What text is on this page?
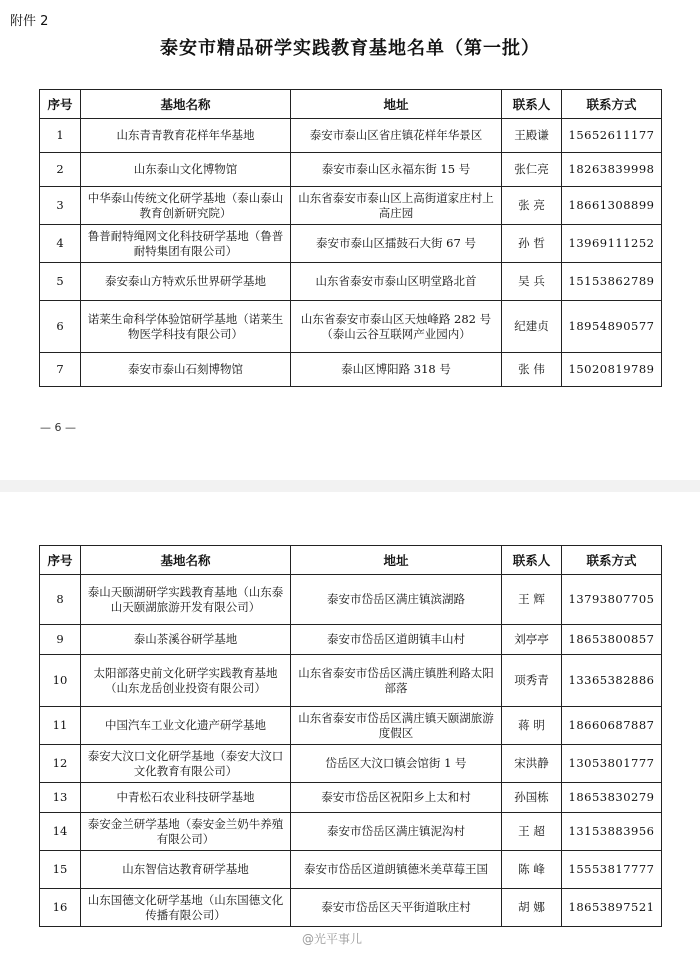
附件 2
泰安市精品研学实践教育基地名单（第一批）
序号	基地名称	地址	联系人	联系方式
1	山东青青教育花样年华基地	泰安市泰山区省庄镇花样年华景区	王殿谦	15652611177
2	山东泰山文化博物馆	泰安市泰山区永福东街 15 号	张仁亮	18263839998
3	中华泰山传统文化研学基地（泰山泰山教育创新研究院）	山东省泰安市泰山区上高街道家庄村上高庄园	张 亮	18661308899
4	鲁普耐特绳网文化科技研学基地（鲁普耐特集团有限公司）	泰安市泰山区擂鼓石大街 67 号	孙 哲	13969111252
5	泰安泰山方特欢乐世界研学基地	山东省泰安市泰山区明堂路北首	吴 兵	15153862789
6	诺莱生命科学体验馆研学基地（诺莱生物医学科技有限公司）	山东省泰安市泰山区天烛峰路 282 号（泰山云谷互联网产业园内）	纪建贞	18954890577
7	泰安市泰山石刻博物馆	泰山区博阳路 318 号	张 伟	15020819789
— 6 —
序号	基地名称	地址	联系人	联系方式
8	泰山天颐湖研学实践教育基地（山东泰山天颐湖旅游开发有限公司）	泰安市岱岳区满庄镇滨湖路	王 辉	13793807705
9	泰山茶溪谷研学基地	泰安市岱岳区道朗镇丰山村	刘亭亭	18653800857
10	太阳部落史前文化研学实践教育基地（山东龙岳创业投资有限公司）	山东省泰安市岱岳区满庄镇胜利路太阳部落	项秀青	13365382886
11	中国汽车工业文化遗产研学基地	山东省泰安市岱岳区满庄镇天颐湖旅游度假区	蒋 明	18660687887
12	泰安大汶口文化研学基地（泰安大汶口文化教育有限公司）	岱岳区大汶口镇会馆街 1 号	宋洪静	13053801777
13	中青松石农业科技研学基地	泰安市岱岳区祝阳乡上太和村	孙国栋	18653830279
14	泰安金兰研学基地（泰安金兰奶牛养殖有限公司）	泰安市岱岳区满庄镇泥沟村	王 超	13153883956
15	山东智信达教育研学基地	泰安市岱岳区道朗镇德米美草莓王国	陈 峰	15553817777
16	山东国德文化研学基地（山东国德文化传播有限公司）	泰安市岱岳区天平街道耿庄村	胡 娜	18653897521
@光平事儿
